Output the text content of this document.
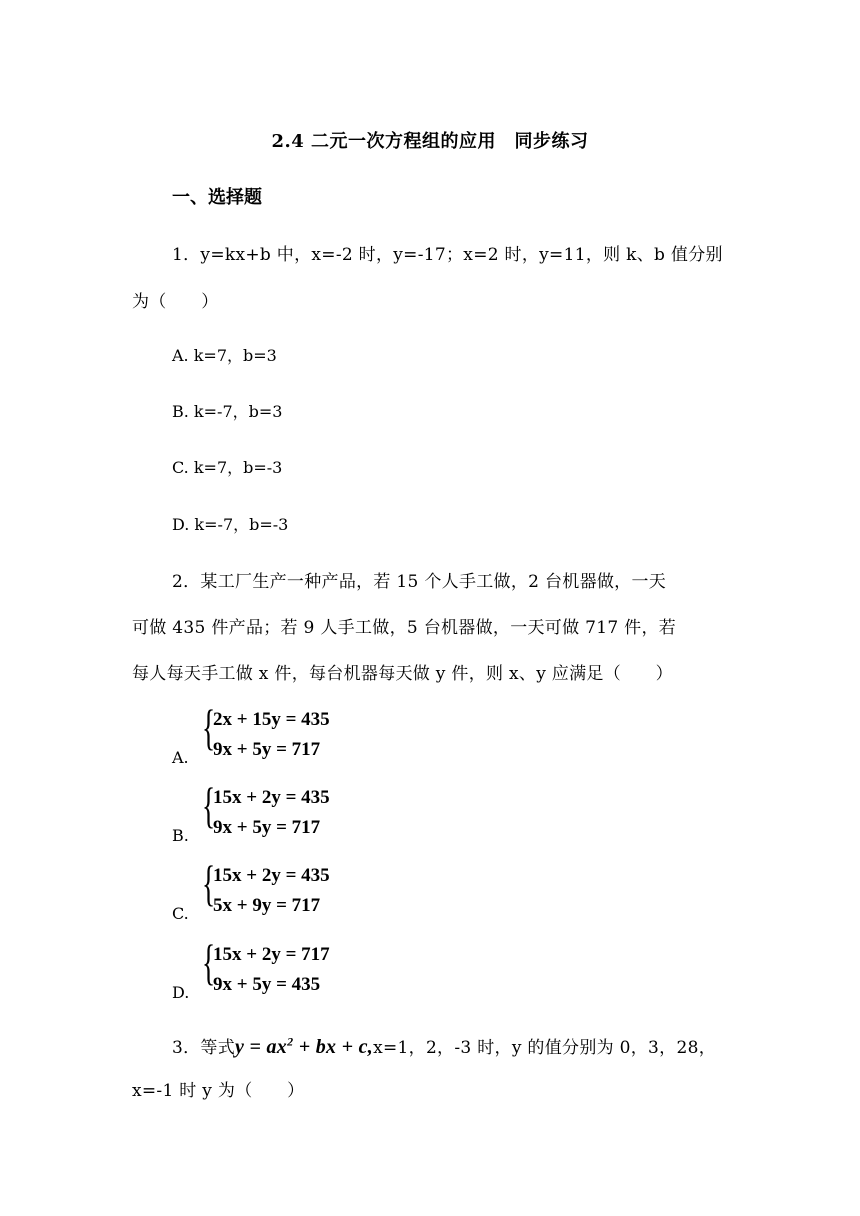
2.4 二元一次方程组的应用　同步练习
一、选择题
1．y=kx+b 中，x=-2 时，y=-17；x=2 时，y=11，则 k、b 值分别
为（　　）
A. k=7，b=3
B. k=-7，b=3
C. k=7，b=-3
D. k=-7，b=-3
2．某工厂生产一种产品，若 15 个人手工做，2 台机器做，一天
可做 435 件产品；若 9 人手工做，5 台机器做，一天可做 717 件，若
每人每天手工做 x 件，每台机器每天做 y 件，则 x、y 应满足（　　）
A.
{
2x + 15y = 435
9x + 5y = 717
B.
{
15x + 2y = 435
9x + 5y = 717
C.
{
15x + 2y = 435
5x + 9y = 717
D.
{
15x + 2y = 717
9x + 5y = 435
3．等式$y = ax^2$ + bx + c,x=1，2，-3 时，y 的值分别为 0，3，28，
x=-1 时 y 为（　　）
